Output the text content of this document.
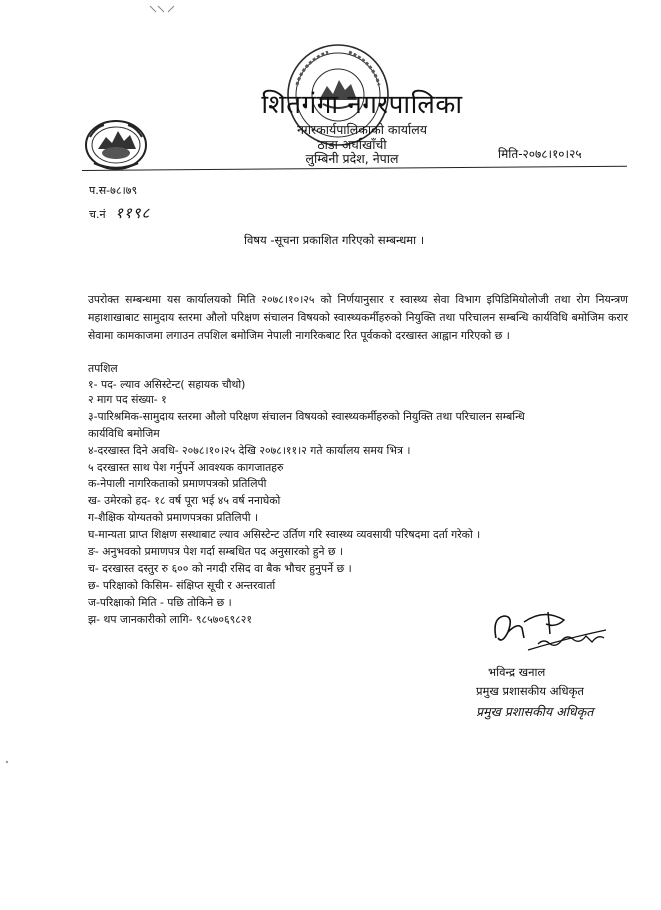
शितगंगा नगरपालिका
नगरकार्यपालिकाको कार्यालय
ठाडा अर्घाखाँची
लुम्बिनी प्रदेश, नेपाल	मिति-२०७८।१०।२५
प.स-७८।७९
च.नं ११९८
विषय -सूचना प्रकाशित गरिएको सम्बन्धमा ।
उपरोक्त सम्बन्धमा यस कार्यालयको मिति २०७८।१०।२५ को निर्णयानुसार र स्वास्थ्य सेवा विभाग इपिडिमियोलोजी तथा रोग नियन्त्रण महाशाखाबाट सामुदाय स्तरमा औलो परिक्षण संचालन विषयको स्वास्थ्यकर्मीहरुको नियुक्ति तथा परिचालन सम्बन्धि कार्यविधि बमोजिम करार सेवामा कामकाजमा लगाउन तपशिल बमोजिम नेपाली नागरिकबाट रित पूर्वकको दरखास्त आह्वान गरिएको छ ।
तपशिल
१- पद- ल्याव असिस्टेन्ट( सहायक चौथो)
२ माग पद संख्या- १
३-पारिश्रमिक-सामुदाय स्तरमा औलो परिक्षण संचालन विषयको स्वास्थ्यकर्मीहरुको नियुक्ति तथा परिचालन सम्बन्धि
कार्यविधि बमोजिम
४-दरखास्त दिने अवधि- २०७८।१०।२५ देखि २०७८।११।२ गते कार्यालय समय भित्र ।
५ दरखास्त साथ पेश गर्नुपर्ने आवश्यक कागजातहरु
क-नेपाली नागरिकताको प्रमाणपत्रको प्रतिलिपी
ख- उमेरको हद- १८ वर्ष पूरा भई ४५ वर्ष ननाघेको
ग-शैक्षिक योग्यतको प्रमाणपत्रका प्रतिलिपी ।
घ-मान्यता प्राप्त शिक्षण सस्थाबाट ल्याव असिस्टेन्ट उर्तिण गरि स्वास्थ्य व्यवसायी परिषदमा दर्ता गरेको ।
ङ- अनुभवको प्रमाणपत्र पेश गर्दा सम्बधित पद अनुसारको हुने छ ।
च- दरखास्त दस्तुर रु ६०० को नगदी रसिद वा बैक भौचर हुनुपर्ने छ ।
छ- परिक्षाको किसिम- संक्षिप्त सूची र अन्तरवार्ता
ज-परिक्षाको मिति - पछि तोकिने छ ।
झ- थप जानकारीको लागि- ९८५७०६९८२१
भविन्द्र खनाल
प्रमुख प्रशासकीय अधिकृत
प्रमुख प्रशासकीय अधिकृत
